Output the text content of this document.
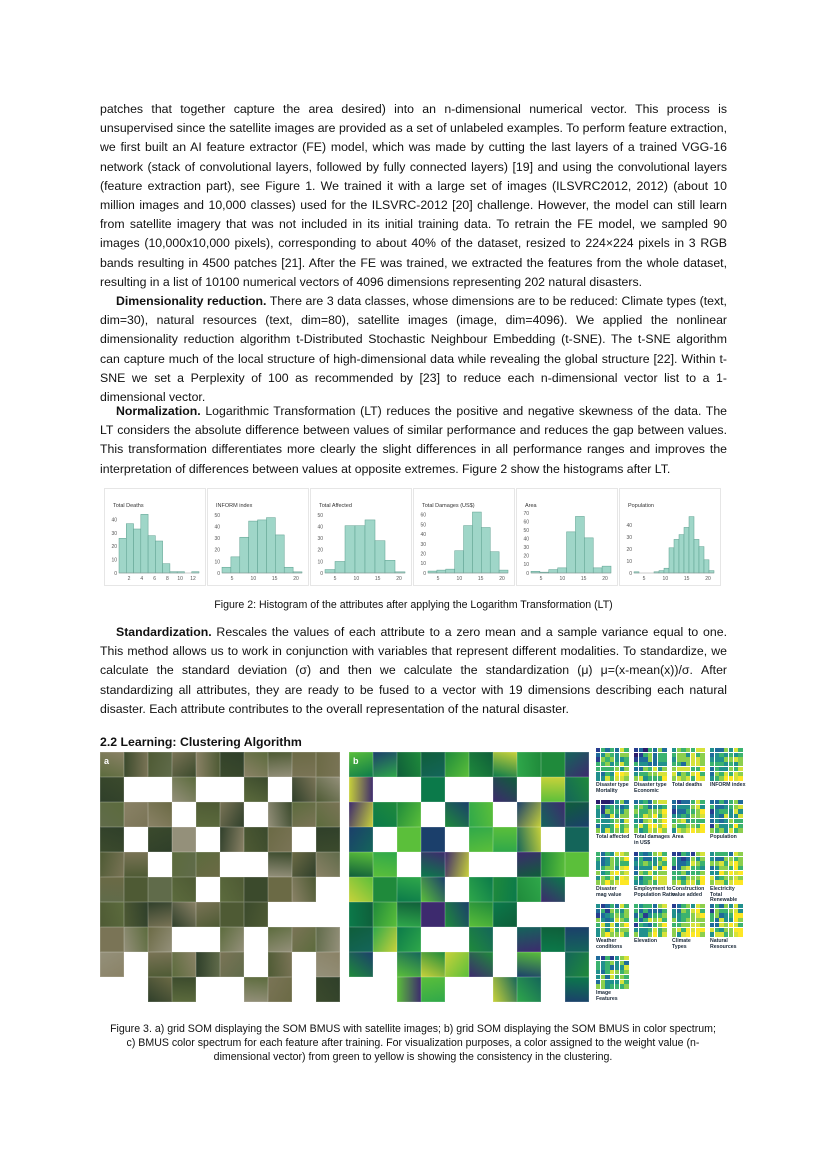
patches that together capture the area desired) into an n-dimensional numerical vector. This process is unsupervised since the satellite images are provided as a set of unlabeled examples. To perform feature extraction, we first built an AI feature extractor (FE) model, which was made by cutting the last layers of a trained VGG-16 network (stack of convolutional layers, followed by fully connected layers) [19] and using the convolutional layers (feature extraction part), see Figure 1. We trained it with a large set of images (ILSVRC2012, 2012) (about 10 million images and 10,000 classes) used for the ILSVRC-2012 [20] challenge. However, the model can still learn from satellite imagery that was not included in its initial training data. To retrain the FE model, we sampled 90 images (10,000x10,000 pixels), corresponding to about 40% of the dataset, resized to 224×224 pixels in 3 RGB bands resulting in 4500 patches [21]. After the FE was trained, we extracted the features from the whole dataset, resulting in a list of 10100 numerical vectors of 4096 dimensions representing 202 natural disasters.

Dimensionality reduction. There are 3 data classes, whose dimensions are to be reduced: Climate types (text, dim=30), natural resources (text, dim=80), satellite images (image, dim=4096). We applied the nonlinear dimensionality reduction algorithm t-Distributed Stochastic Neighbour Embedding (t-SNE). The t-SNE algorithm can capture much of the local structure of high-dimensional data while revealing the global structure [22]. Within t-SNE we set a Perplexity of 100 as recommended by [23] to reduce each n-dimensional vector list to a 1-dimensional vector.

Normalization. Logarithmic Transformation (LT) reduces the positive and negative skewness of the data. The LT considers the absolute difference between values of similar performance and reduces the gap between values. This transformation differentiates more clearly the slight differences in all performance ranges and improves the interpretation of differences between values at opposite extremes. Figure 2 show the histograms after LT.

Total Deaths
0
10
20
30
40
2 4 6 8 10 12
INFORM index
0
10
20
30
40
50
5	10	15	20
Total Affected
0
10
20
30
40
50
5	10	15	20
Total Damages (US$)
0
10
20
30
40
50
60
5	10	15	20
Area
0
10
20
30
40
50
60
70
5	10	15	20
Population
0
10
20
30
40
5	10	15	20
Figure 2: Histogram of the attributes after applying the Logarithm Transformation (LT)

Standardization. Rescales the values of each attribute to a zero mean and a sample variance equal to one. This method allows us to work in conjunction with variables that represent different modalities. To standardize, we calculate the standard deviation (σ) and then we calculate the standardization (μ) μ=(x-mean(x))/σ. After standardizing all attributes, they are ready to be fused to a vector with 19 dimensions describing each natural disaster. Each attribute contributes to the overall representation of the natural disaster.

2.2 Learning: Clustering Algorithm
a	b
Disaster type
Mortality
Disaster type
Economic
Total deaths INFORM index
Total affected Total damages
in US$
Area	Population
Disaster
mag value
Employment to
Population Ratio
Construction
value added
Electricity Total
Renewable
Weather
conditions
Elevation	Climate
Types
Natural
Resources
Image
Features
Figure 3. a) grid SOM displaying the SOM BMUS with satellite images; b) grid SOM displaying the SOM BMUS in color spectrum; c) BMUS color spectrum for each feature after training. For visualization purposes, a color assigned to the weight value (n-dimensional vector) from green to yellow is showing the consistency in the clustering.
